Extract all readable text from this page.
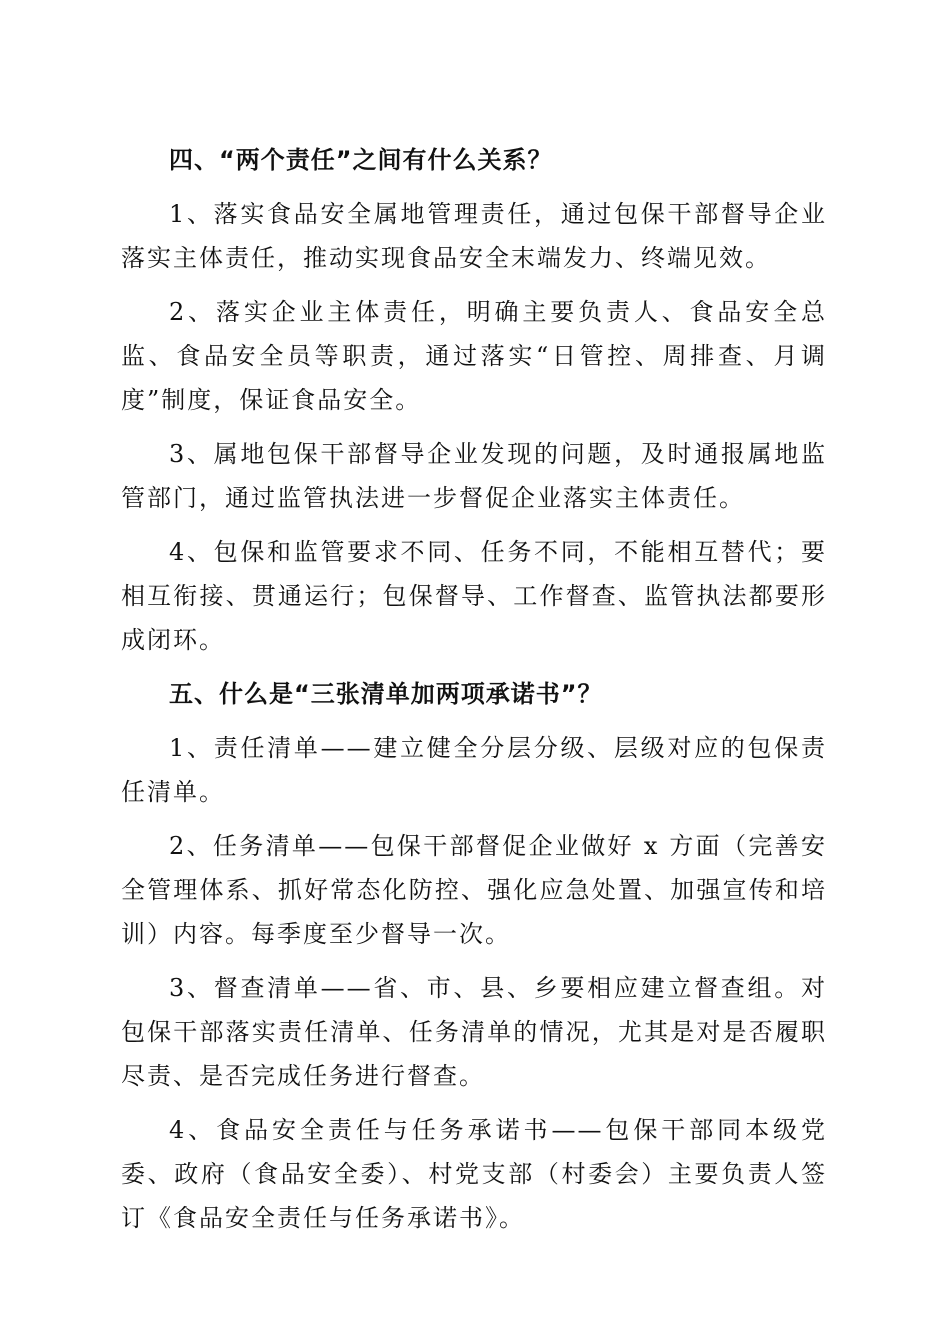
四、“两个责任”之间有什么关系？

1、落实食品安全属地管理责任，通过包保干部督导企业落实主体责任，推动实现食品安全末端发力、终端见效。

2、落实企业主体责任，明确主要负责人、食品安全总监、食品安全员等职责，通过落实“日管控、周排查、月调度”制度，保证食品安全。

3、属地包保干部督导企业发现的问题，及时通报属地监管部门，通过监管执法进一步督促企业落实主体责任。

4、包保和监管要求不同、任务不同，不能相互替代；要相互衔接、贯通运行；包保督导、工作督查、监管执法都要形成闭环。

五、什么是“三张清单加两项承诺书”？

1、责任清单——建立健全分层分级、层级对应的包保责任清单。

2、任务清单——包保干部督促企业做好 x 方面（完善安全管理体系、抓好常态化防控、强化应急处置、加强宣传和培训）内容。每季度至少督导一次。

3、督查清单——省、市、县、乡要相应建立督查组。对包保干部落实责任清单、任务清单的情况，尤其是对是否履职尽责、是否完成任务进行督查。

4、食品安全责任与任务承诺书——包保干部同本级党委、政府（食品安全委）、村党支部（村委会）主要负责人签订《食品安全责任与任务承诺书》。
